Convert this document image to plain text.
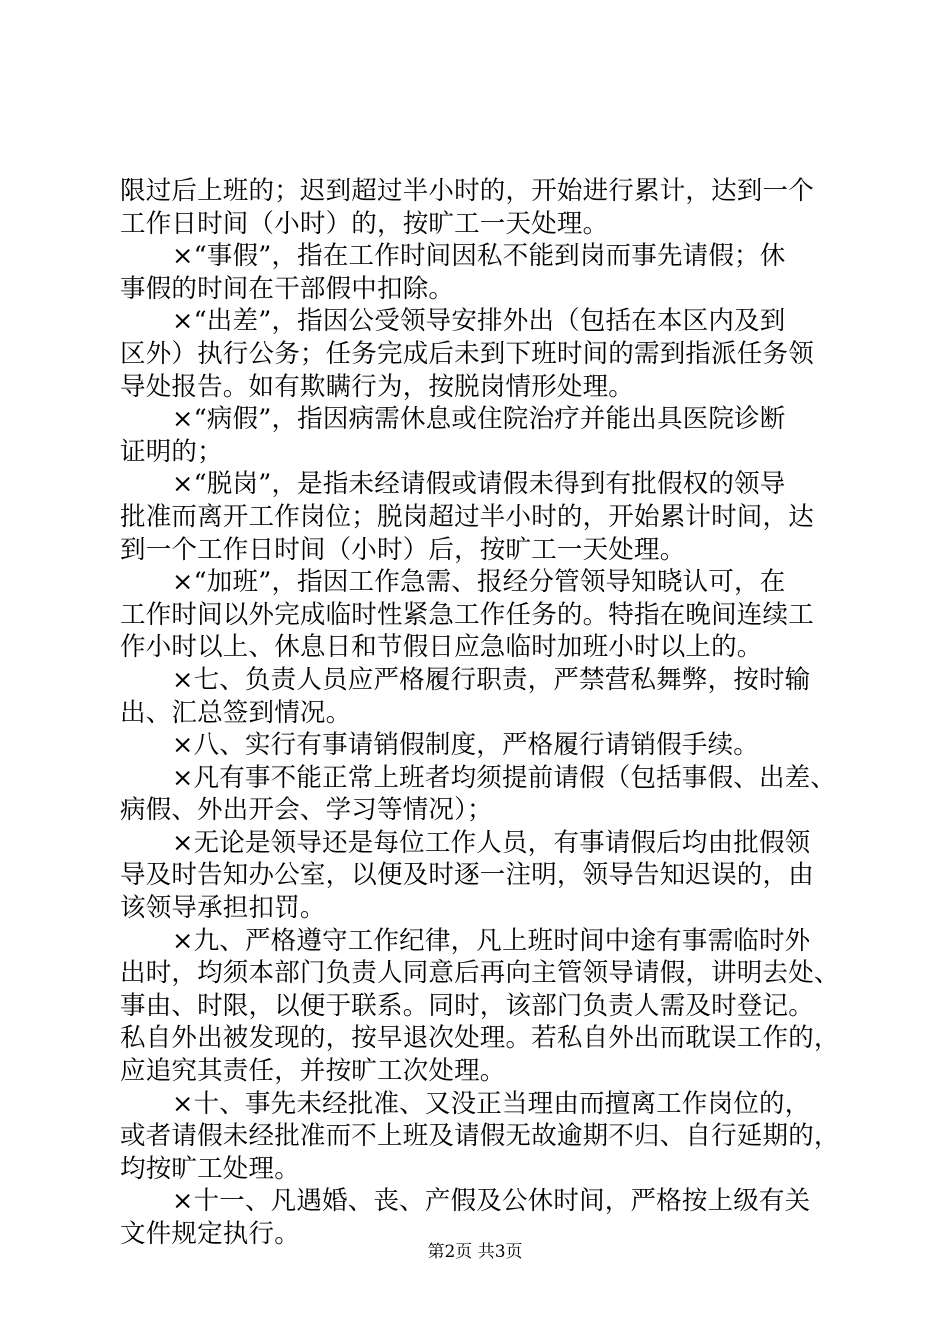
限过后上班的；迟到超过半小时的，开始进行累计，达到一个
工作日时间（小时）的，按旷工一天处理。
×“事假”，指在工作时间因私不能到岗而事先请假；休
事假的时间在干部假中扣除。
×“出差”，指因公受领导安排外出（包括在本区内及到
区外）执行公务；任务完成后未到下班时间的需到指派任务领
导处报告。如有欺瞒行为，按脱岗情形处理。
×“病假”，指因病需休息或住院治疗并能出具医院诊断
证明的；
×“脱岗”，是指未经请假或请假未得到有批假权的领导
批准而离开工作岗位；脱岗超过半小时的，开始累计时间，达
到一个工作日时间（小时）后，按旷工一天处理。
×“加班”，指因工作急需、报经分管领导知晓认可，在
工作时间以外完成临时性紧急工作任务的。特指在晚间连续工
作小时以上、休息日和节假日应急临时加班小时以上的。
×七、负责人员应严格履行职责，严禁营私舞弊，按时输
出、汇总签到情况。
×八、实行有事请销假制度，严格履行请销假手续。
×凡有事不能正常上班者均须提前请假（包括事假、出差、
病假、外出开会、学习等情况）；
×无论是领导还是每位工作人员，有事请假后均由批假领
导及时告知办公室，以便及时逐一注明，领导告知迟误的，由
该领导承担扣罚。
×九、严格遵守工作纪律，凡上班时间中途有事需临时外
出时，均须本部门负责人同意后再向主管领导请假，讲明去处、
事由、时限，以便于联系。同时，该部门负责人需及时登记。
私自外出被发现的，按早退次处理。若私自外出而耽误工作的，
应追究其责任，并按旷工次处理。
×十、事先未经批准、又没正当理由而擅离工作岗位的，
或者请假未经批准而不上班及请假无故逾期不归、自行延期的，
均按旷工处理。
×十一、凡遇婚、丧、产假及公休时间，严格按上级有关
文件规定执行。
第2页 共3页
